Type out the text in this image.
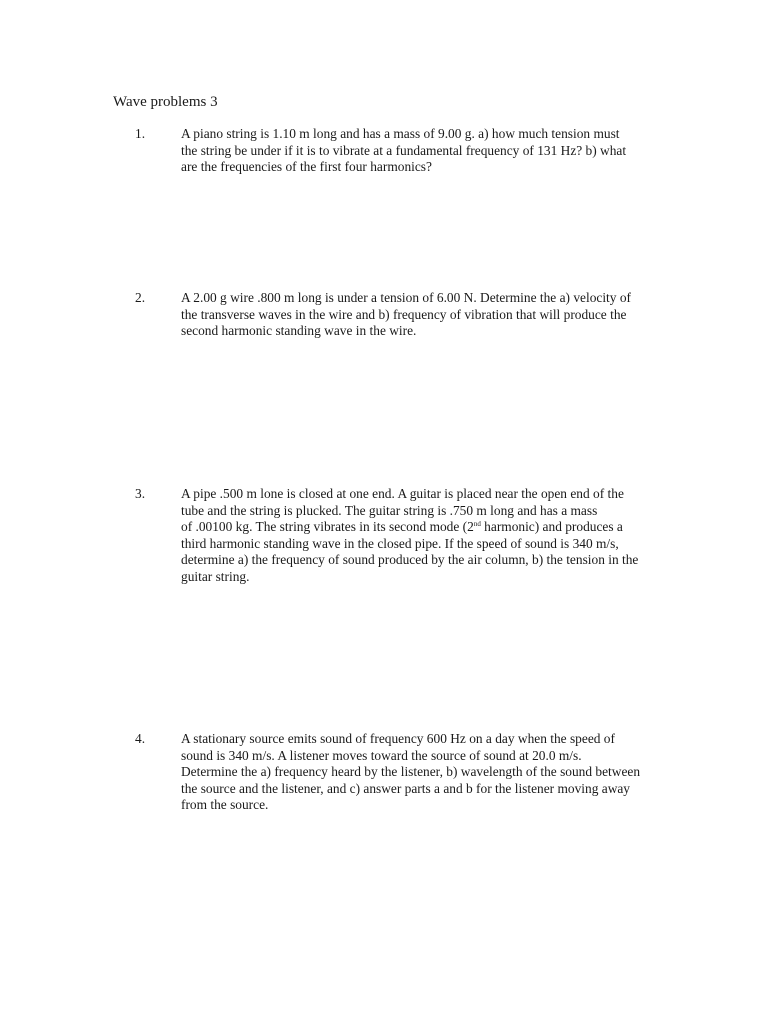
Wave problems 3
1.	A piano string is 1.10 m long and has a mass of 9.00 g. a) how much tension must
the string be under if it is to vibrate at a fundamental frequency of 131 Hz? b) what
are the frequencies of the first four harmonics?
2.	A 2.00 g wire .800 m long is under a tension of 6.00 N. Determine the a) velocity of
the transverse waves in the wire and b) frequency of vibration that will produce the
second harmonic standing wave in the wire.
3.	A pipe .500 m lone is closed at one end. A guitar is placed near the open end of the
tube and the string is plucked. The guitar string is .750 m long and has a mass
of .00100 kg. The string vibrates in its second mode (2nd harmonic) and produces a
third harmonic standing wave in the closed pipe. If the speed of sound is 340 m/s,
determine a) the frequency of sound produced by the air column, b) the tension in the
guitar string.
4.	A stationary source emits sound of frequency 600 Hz on a day when the speed of
sound is 340 m/s. A listener moves toward the source of sound at 20.0 m/s.
Determine the a) frequency heard by the listener, b) wavelength of the sound between
the source and the listener, and c) answer parts a and b for the listener moving away
from the source.
